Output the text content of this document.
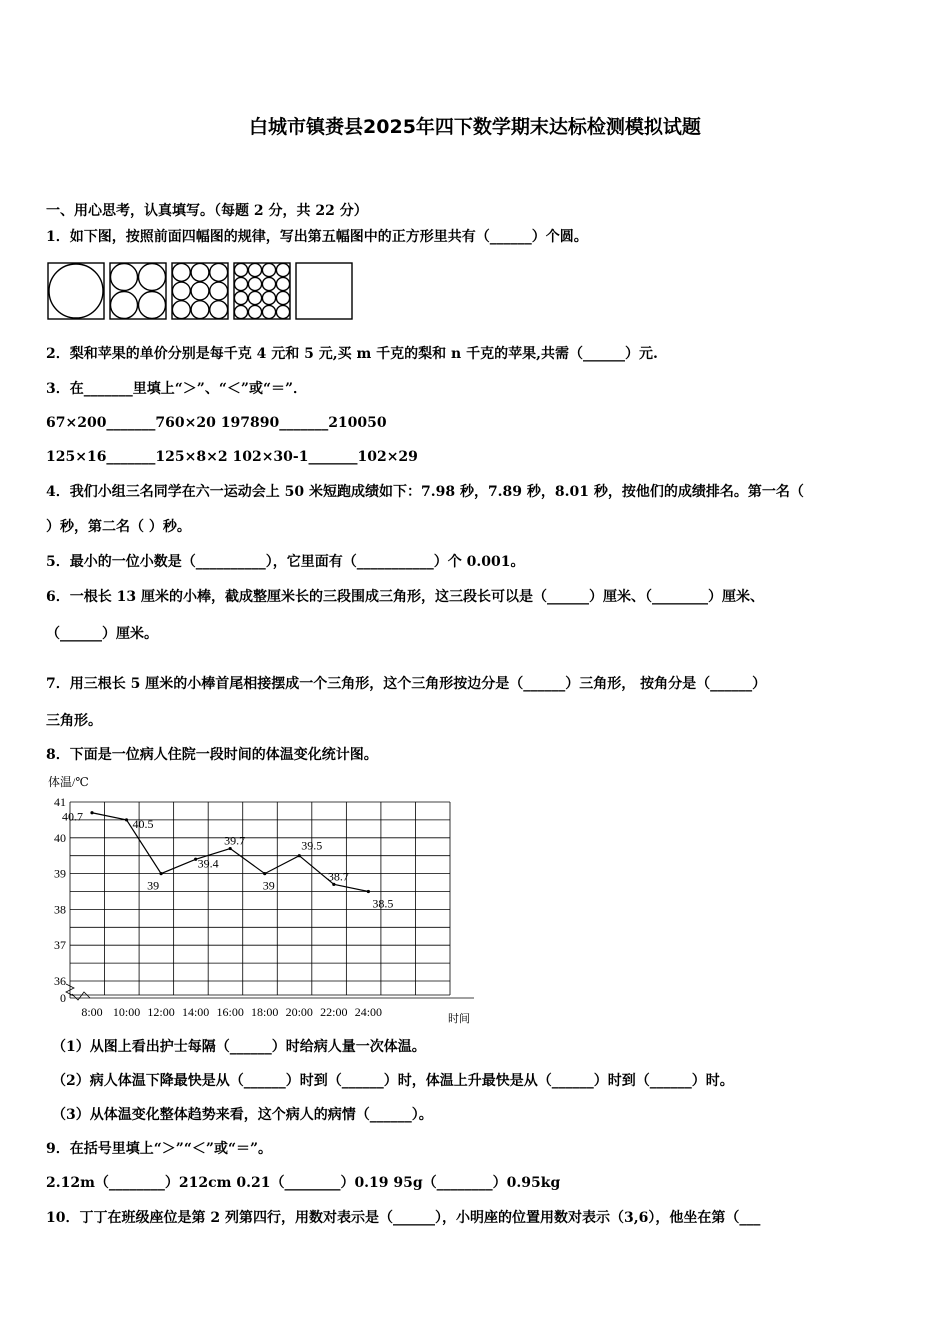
白城市镇赉县2025年四下数学期末达标检测模拟试题
一、用心思考，认真填写。（每题 2 分，共 22 分）
1．如下图，按照前面四幅图的规律，写出第五幅图中的正方形里共有（______）个圆。
2．梨和苹果的单价分别是每千克 4 元和 5 元,买 m 千克的梨和 n 千克的苹果,共需（______）元.
3．在_______里填上“＞”、“＜”或“＝”．
67×200_______760×20 197890_______210050
125×16_______125×8×2 102×30-1_______102×29
4．我们小组三名同学在六一运动会上 50 米短跑成绩如下：7.98 秒，7.89 秒，8.01 秒，按他们的成绩排名。第一名（
）秒，第二名（ ）秒。
5．最小的一位小数是（__________），它里面有（___________）个 0.001。
6．一根长 13 厘米的小棒，截成整厘米长的三段围成三角形，这三段长可以是（______）厘米、（________）厘米、
（______）厘米。
7．用三根长 5 厘米的小棒首尾相接摆成一个三角形，这个三角形按边分是（______）三角形， 按角分是（______）
三角形。
8．下面是一位病人住院一段时间的体温变化统计图。
体温/℃
41
40
39
38
37
36
0
8:00 10:00 12:00 14:00 16:00 18:00 20:00 22:00 24:00
40.7
40.5
39
39.4
39.7
39
39.5
38.7
38.5
时间
（1）从图上看出护士每隔（______）时给病人量一次体温。
（2）病人体温下降最快是从（______）时到（______）时，体温上升最快是从（______）时到（______）时。
（3）从体温变化整体趋势来看，这个病人的病情（______）。
9．在括号里填上“＞”“＜”或“＝”。
2.12m（________）212cm 0.21（________）0.19 95g（________）0.95kg
10．丁丁在班级座位是第 2 列第四行，用数对表示是（______），小明座的位置用数对表示（3,6），他坐在第（___
